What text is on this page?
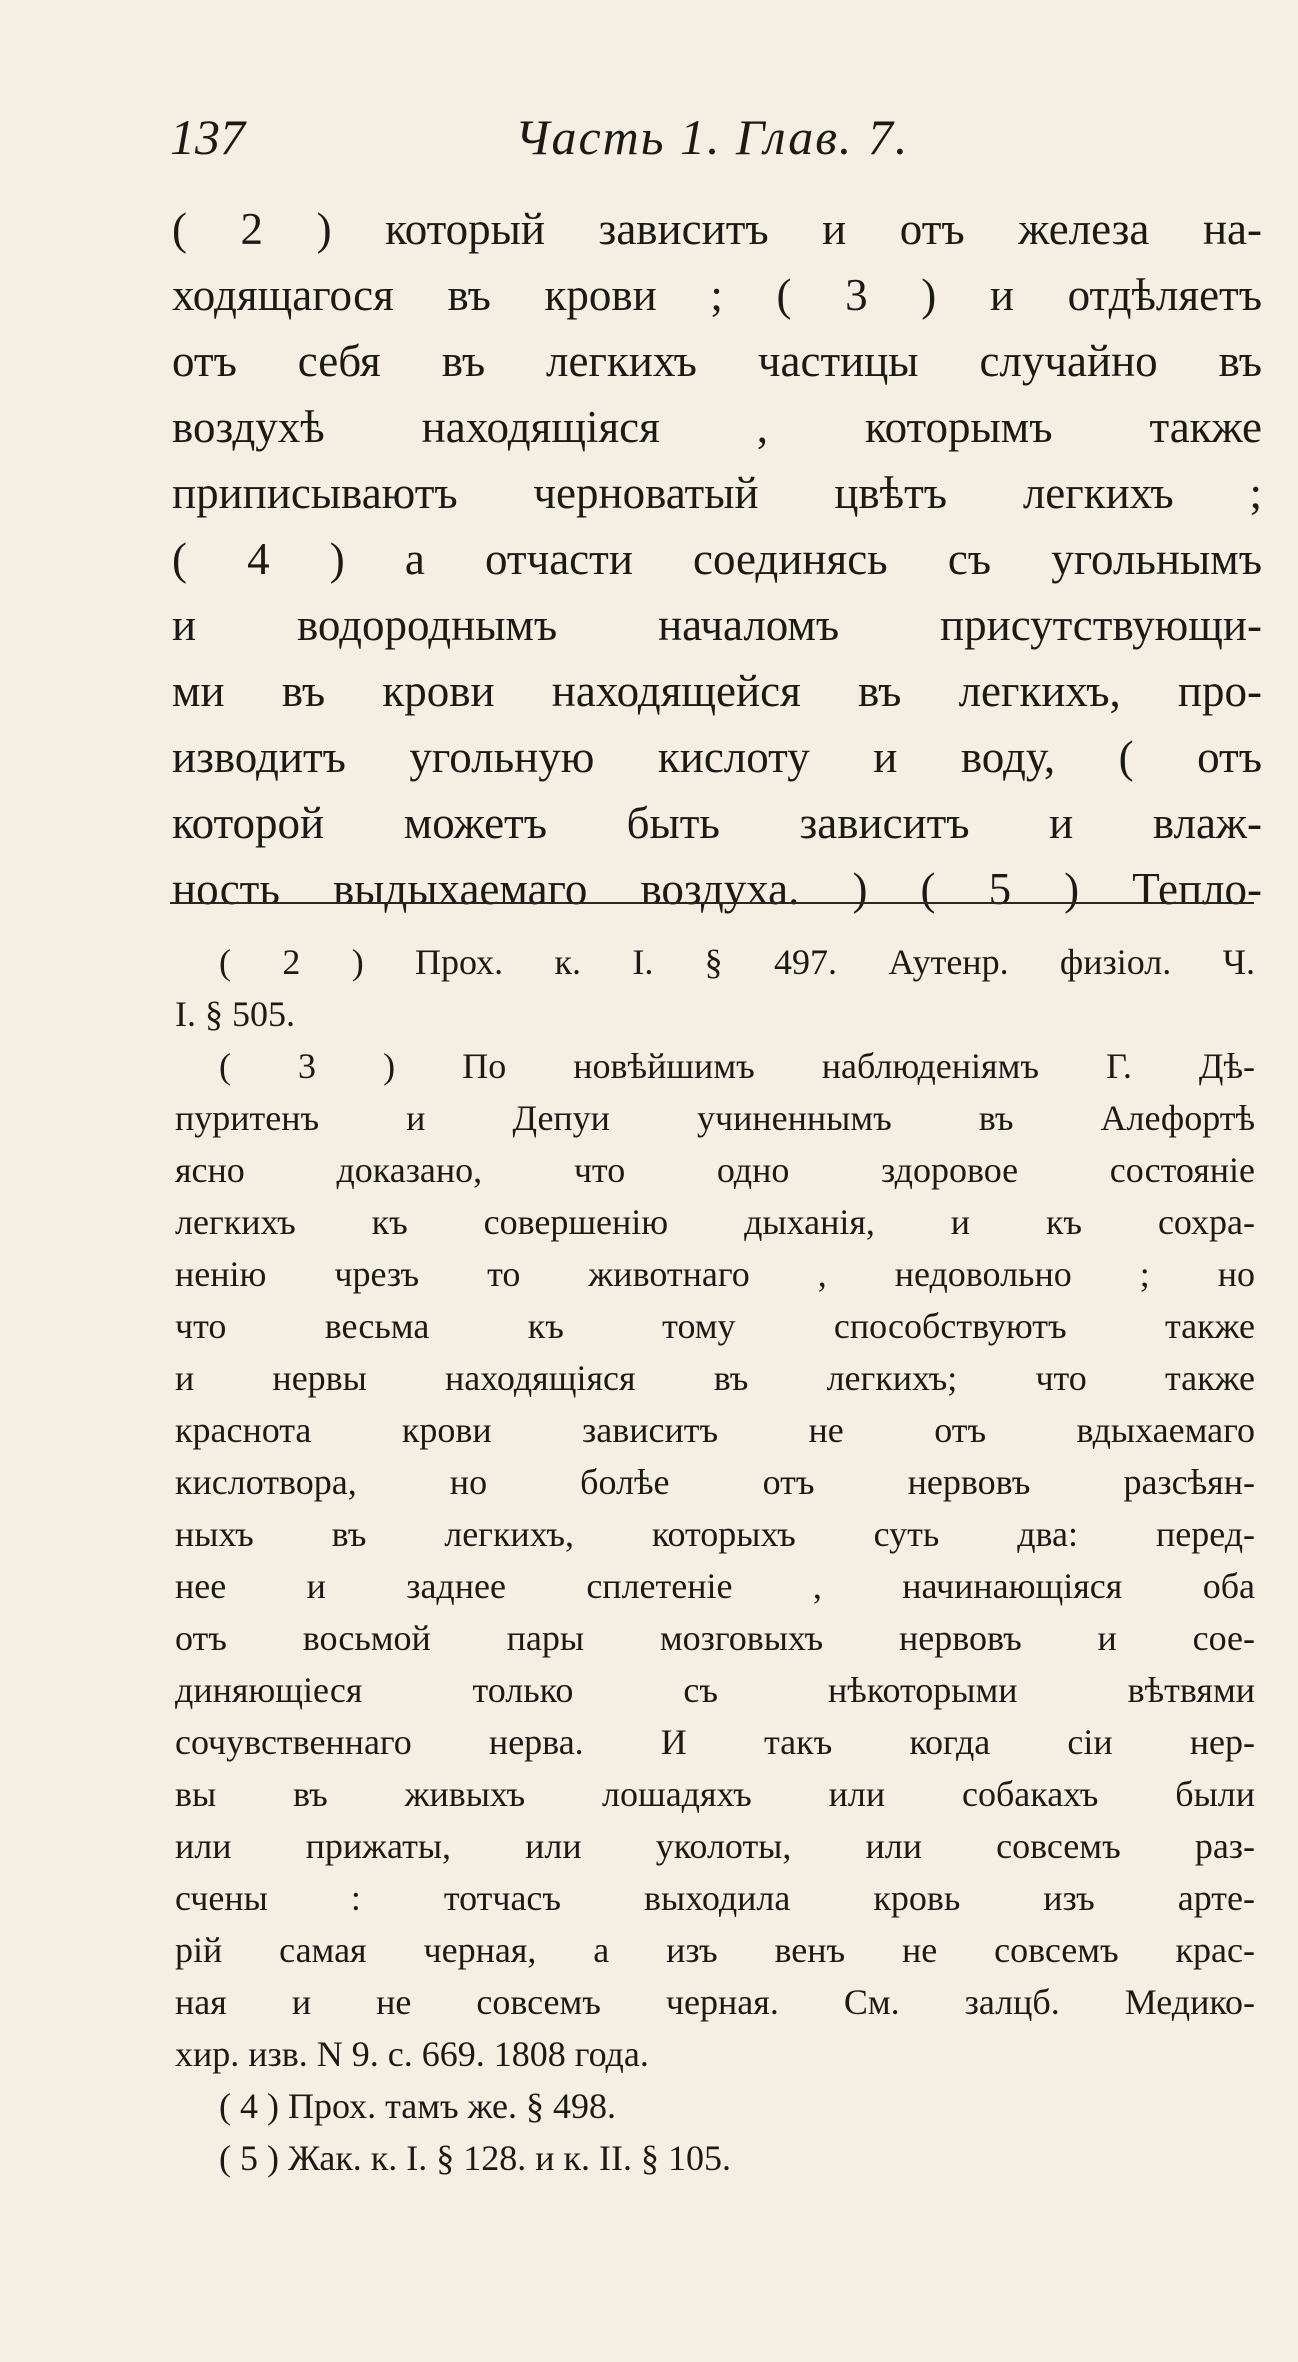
137	Часть 1. Глав. 7.
( 2 ) который зависитъ и отъ железа на-
ходящагося въ крови ; ( 3 ) и отдѣляетъ
отъ себя въ легкихъ частицы случайно въ
воздухѣ находящіяся , которымъ также
приписываютъ черноватый цвѣтъ легкихъ ;
( 4 ) а отчасти соединясь съ угольнымъ
и водороднымъ началомъ присутствующи-
ми въ крови находящейся въ легкихъ, про-
изводитъ угольную кислоту и воду, ( отъ
которой можетъ быть зависитъ и влаж-
ность выдыхаемаго воздуха. ) ( 5 ) Тепло-
( 2 ) Прох. к. I. § 497. Аутенр. физіол. Ч.
I. § 505.
( 3 ) По новѣйшимъ наблюденіямъ Г. Дѣ-
пуритенъ и Депуи учиненнымъ въ Алефортѣ
ясно доказано, что одно здоровое состояніе
легкихъ къ совершенію дыханія, и къ сохра-
ненію чрезъ то животнаго , недовольно ; но
что весьма къ тому способствуютъ также
и нервы находящіяся въ легкихъ; что также
краснота крови зависитъ не отъ вдыхаемаго
кислотвора, но болѣе отъ нервовъ разсѣян-
ныхъ въ легкихъ, которыхъ суть два: перед-
нее и заднее сплетеніе , начинающіяся оба
отъ восьмой пары мозговыхъ нервовъ и сое-
диняющіеся только съ нѣкоторыми вѣтвями
сочувственнаго нерва. И такъ когда сіи нер-
вы въ живыхъ лошадяхъ или собакахъ были
или прижаты, или уколоты, или совсемъ раз-
счены : тотчасъ выходила кровь изъ арте-
рій самая черная, а изъ венъ не совсемъ крас-
ная и не совсемъ черная. См. залцб. Медико-
хир. изв. N 9. с. 669. 1808 года.
( 4 ) Прох. тамъ же. § 498.
( 5 ) Жак. к. I. § 128. и к. II. § 105.
